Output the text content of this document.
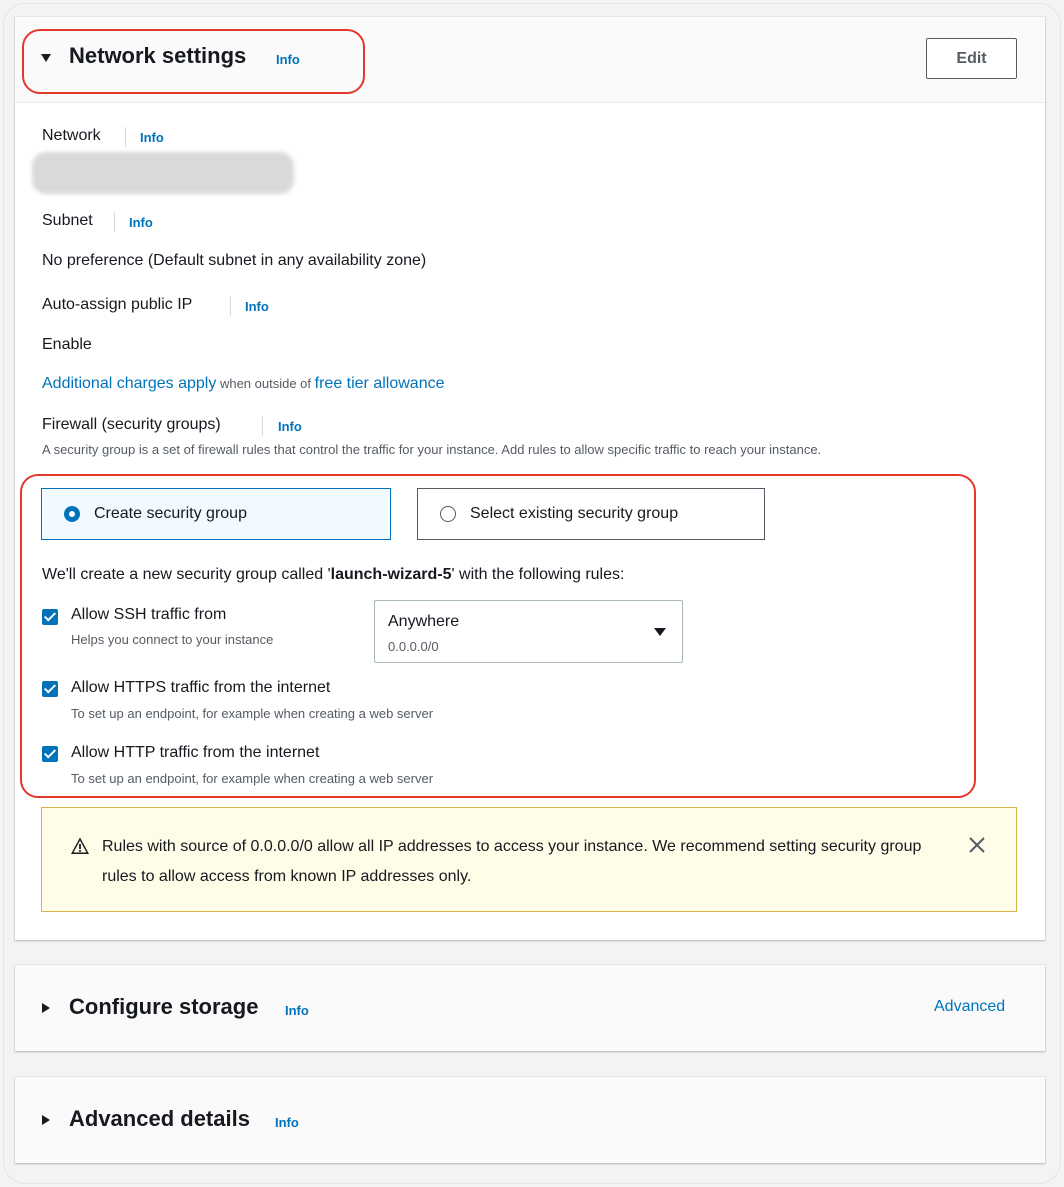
Network settings Info	Edit
Network	Info
Subnet	Info
No preference (Default subnet in any availability zone)
Auto-assign public IP	Info
Enable
Additional charges apply when outside of free tier allowance
Firewall (security groups)	Info
A security group is a set of firewall rules that control the traffic for your instance. Add rules to allow specific traffic to reach your instance.
Create security group	Select existing security group
We'll create a new security group called 'launch-wizard-5' with the following rules:
Allow SSH traffic from
Helps you connect to your instance
Anywhere
0.0.0.0/0
Allow HTTPS traffic from the internet
To set up an endpoint, for example when creating a web server
Allow HTTP traffic from the internet
To set up an endpoint, for example when creating a web server
Rules with source of 0.0.0.0/0 allow all IP addresses to access your instance. We recommend setting security group rules to allow access from known IP addresses only.
Configure storage Info	Advanced
Advanced details Info
